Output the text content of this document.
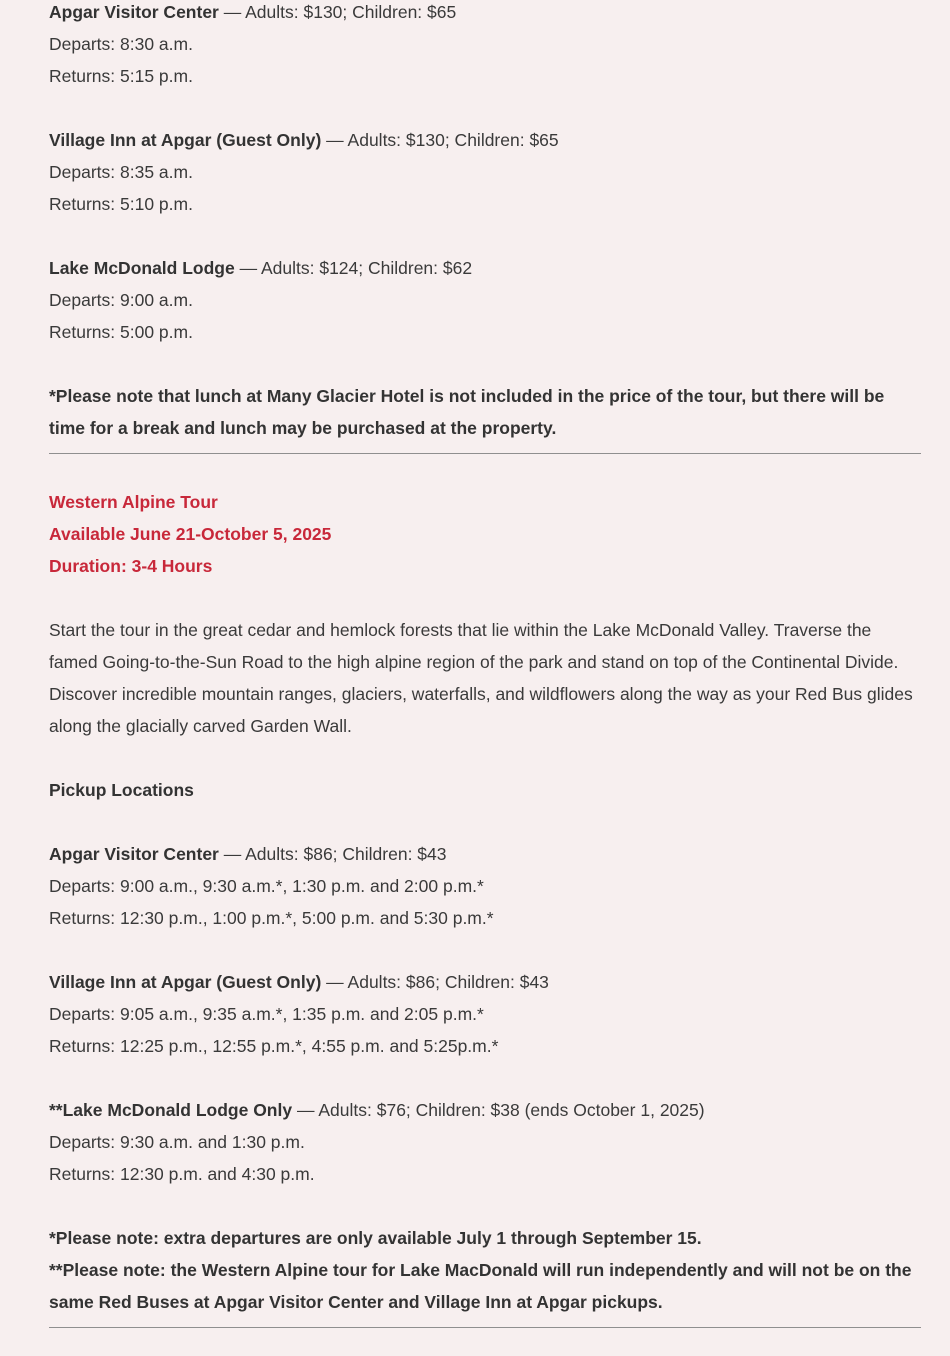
Apgar Visitor Center — Adults: $130; Children: $65

Departs: 8:30 a.m.

Returns: 5:15 p.m.

Village Inn at Apgar (Guest Only) — Adults: $130; Children: $65

Departs: 8:35 a.m.

Returns: 5:10 p.m.

Lake McDonald Lodge — Adults: $124; Children: $62

Departs: 9:00 a.m.

Returns: 5:00 p.m.

*Please note that lunch at Many Glacier Hotel is not included in the price of the tour, but there will be time for a break and lunch may be purchased at the property.

Western Alpine Tour

Available June 21-October 5, 2025

Duration: 3-4 Hours

Start the tour in the great cedar and hemlock forests that lie within the Lake McDonald Valley. Traverse the famed Going-to-the-Sun Road to the high alpine region of the park and stand on top of the Continental Divide. Discover incredible mountain ranges, glaciers, waterfalls, and wildflowers along the way as your Red Bus glides along the glacially carved Garden Wall.

Pickup Locations

Apgar Visitor Center — Adults: $86; Children: $43

Departs: 9:00 a.m., 9:30 a.m.*, 1:30 p.m. and 2:00 p.m.*

Returns: 12:30 p.m., 1:00 p.m.*, 5:00 p.m. and 5:30 p.m.*

Village Inn at Apgar (Guest Only) — Adults: $86; Children: $43

Departs: 9:05 a.m., 9:35 a.m.*, 1:35 p.m. and 2:05 p.m.*

Returns: 12:25 p.m., 12:55 p.m.*, 4:55 p.m. and 5:25p.m.*

**Lake McDonald Lodge Only — Adults: $76; Children: $38 (ends October 1, 2025)

Departs: 9:30 a.m. and 1:30 p.m.

Returns: 12:30 p.m. and 4:30 p.m.

*Please note: extra departures are only available July 1 through September 15.

**Please note: the Western Alpine tour for Lake MacDonald will run independently and will not be on the same Red Buses at Apgar Visitor Center and Village Inn at Apgar pickups.
